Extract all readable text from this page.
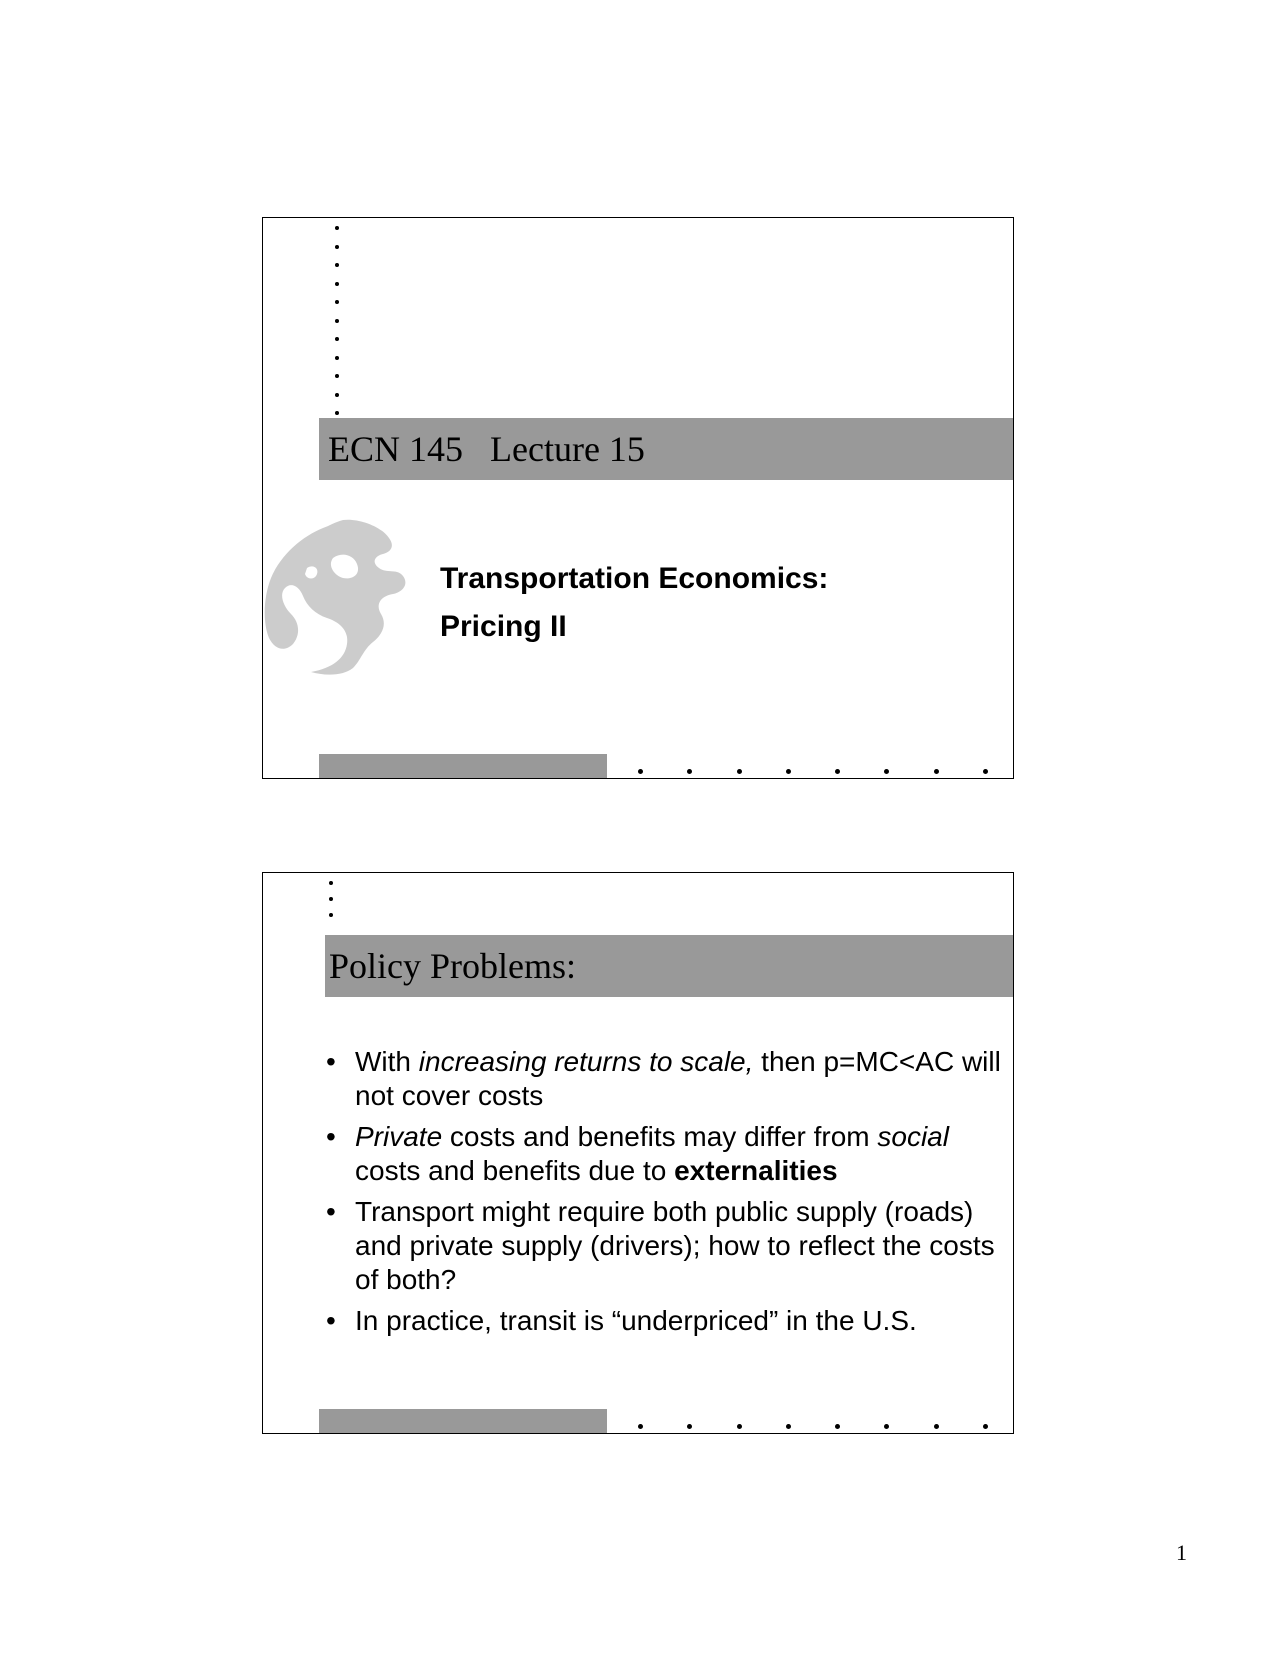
ECN 145   Lecture 15
Transportation Economics:
Pricing II
Policy Problems:
• With increasing returns to scale, then p=MC<AC will not cover costs
• Private costs and benefits may differ from social costs and benefits due to externalities
• Transport might require both public supply (roads) and private supply (drivers); how to reflect the costs of both?
• In practice, transit is “underpriced” in the U.S.
1
